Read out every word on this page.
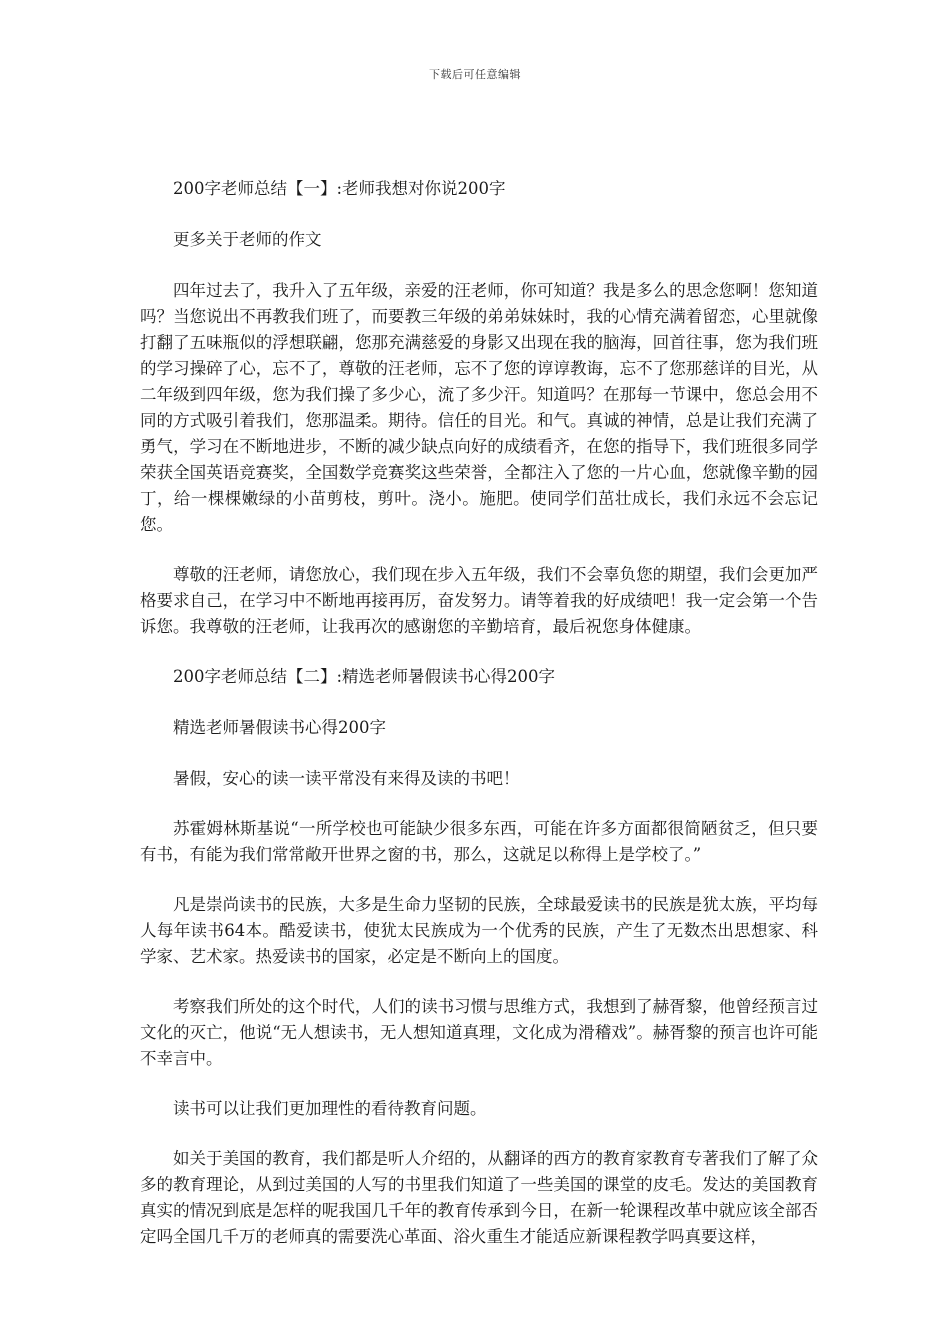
下载后可任意编辑

200字老师总结【一】:老师我想对你说200字

更多关于老师的作文

四年过去了，我升入了五年级，亲爱的汪老师，你可知道？我是多么的思念您啊！您知道吗？当您说出不再教我们班了，而要教三年级的弟弟妹妹时，我的心情充满着留恋，心里就像打翻了五味瓶似的浮想联翩，您那充满慈爱的身影又出现在我的脑海，回首往事，您为我们班的学习操碎了心，忘不了，尊敬的汪老师，忘不了您的谆谆教诲，忘不了您那慈详的目光，从二年级到四年级，您为我们操了多少心，流了多少汗。知道吗？在那每一节课中，您总会用不同的方式吸引着我们，您那温柔。期待。信任的目光。和气。真诚的神情，总是让我们充满了勇气，学习在不断地进步，不断的减少缺点向好的成绩看齐，在您的指导下，我们班很多同学荣获全国英语竞赛奖，全国数学竞赛奖这些荣誉，全都注入了您的一片心血，您就像辛勤的园丁，给一棵棵嫩绿的小苗剪枝，剪叶。浇小。施肥。使同学们茁壮成长，我们永远不会忘记您。

尊敬的汪老师，请您放心，我们现在步入五年级，我们不会辜负您的期望，我们会更加严格要求自己，在学习中不断地再接再厉，奋发努力。请等着我的好成绩吧！我一定会第一个告诉您。我尊敬的汪老师，让我再次的感谢您的辛勤培育，最后祝您身体健康。

200字老师总结【二】:精选老师暑假读书心得200字

精选老师暑假读书心得200字

暑假，安心的读一读平常没有来得及读的书吧！

苏霍姆林斯基说“一所学校也可能缺少很多东西，可能在许多方面都很简陋贫乏，但只要有书，有能为我们常常敞开世界之窗的书，那么，这就足以称得上是学校了。”

凡是崇尚读书的民族，大多是生命力坚韧的民族，全球最爱读书的民族是犹太族，平均每人每年读书64本。酷爱读书，使犹太民族成为一个优秀的民族，产生了无数杰出思想家、科学家、艺术家。热爱读书的国家，必定是不断向上的国度。

考察我们所处的这个时代，人们的读书习惯与思维方式，我想到了赫胥黎，他曾经预言过文化的灭亡，他说“无人想读书，无人想知道真理，文化成为滑稽戏”。赫胥黎的预言也许可能不幸言中。

读书可以让我们更加理性的看待教育问题。

如关于美国的教育，我们都是听人介绍的，从翻译的西方的教育家教育专著我们了解了众多的教育理论，从到过美国的人写的书里我们知道了一些美国的课堂的皮毛。发达的美国教育真实的情况到底是怎样的呢我国几千年的教育传承到今日，在新一轮课程改革中就应该全部否定吗全国几千万的老师真的需要洗心革面、浴火重生才能适应新课程教学吗真要这样，
